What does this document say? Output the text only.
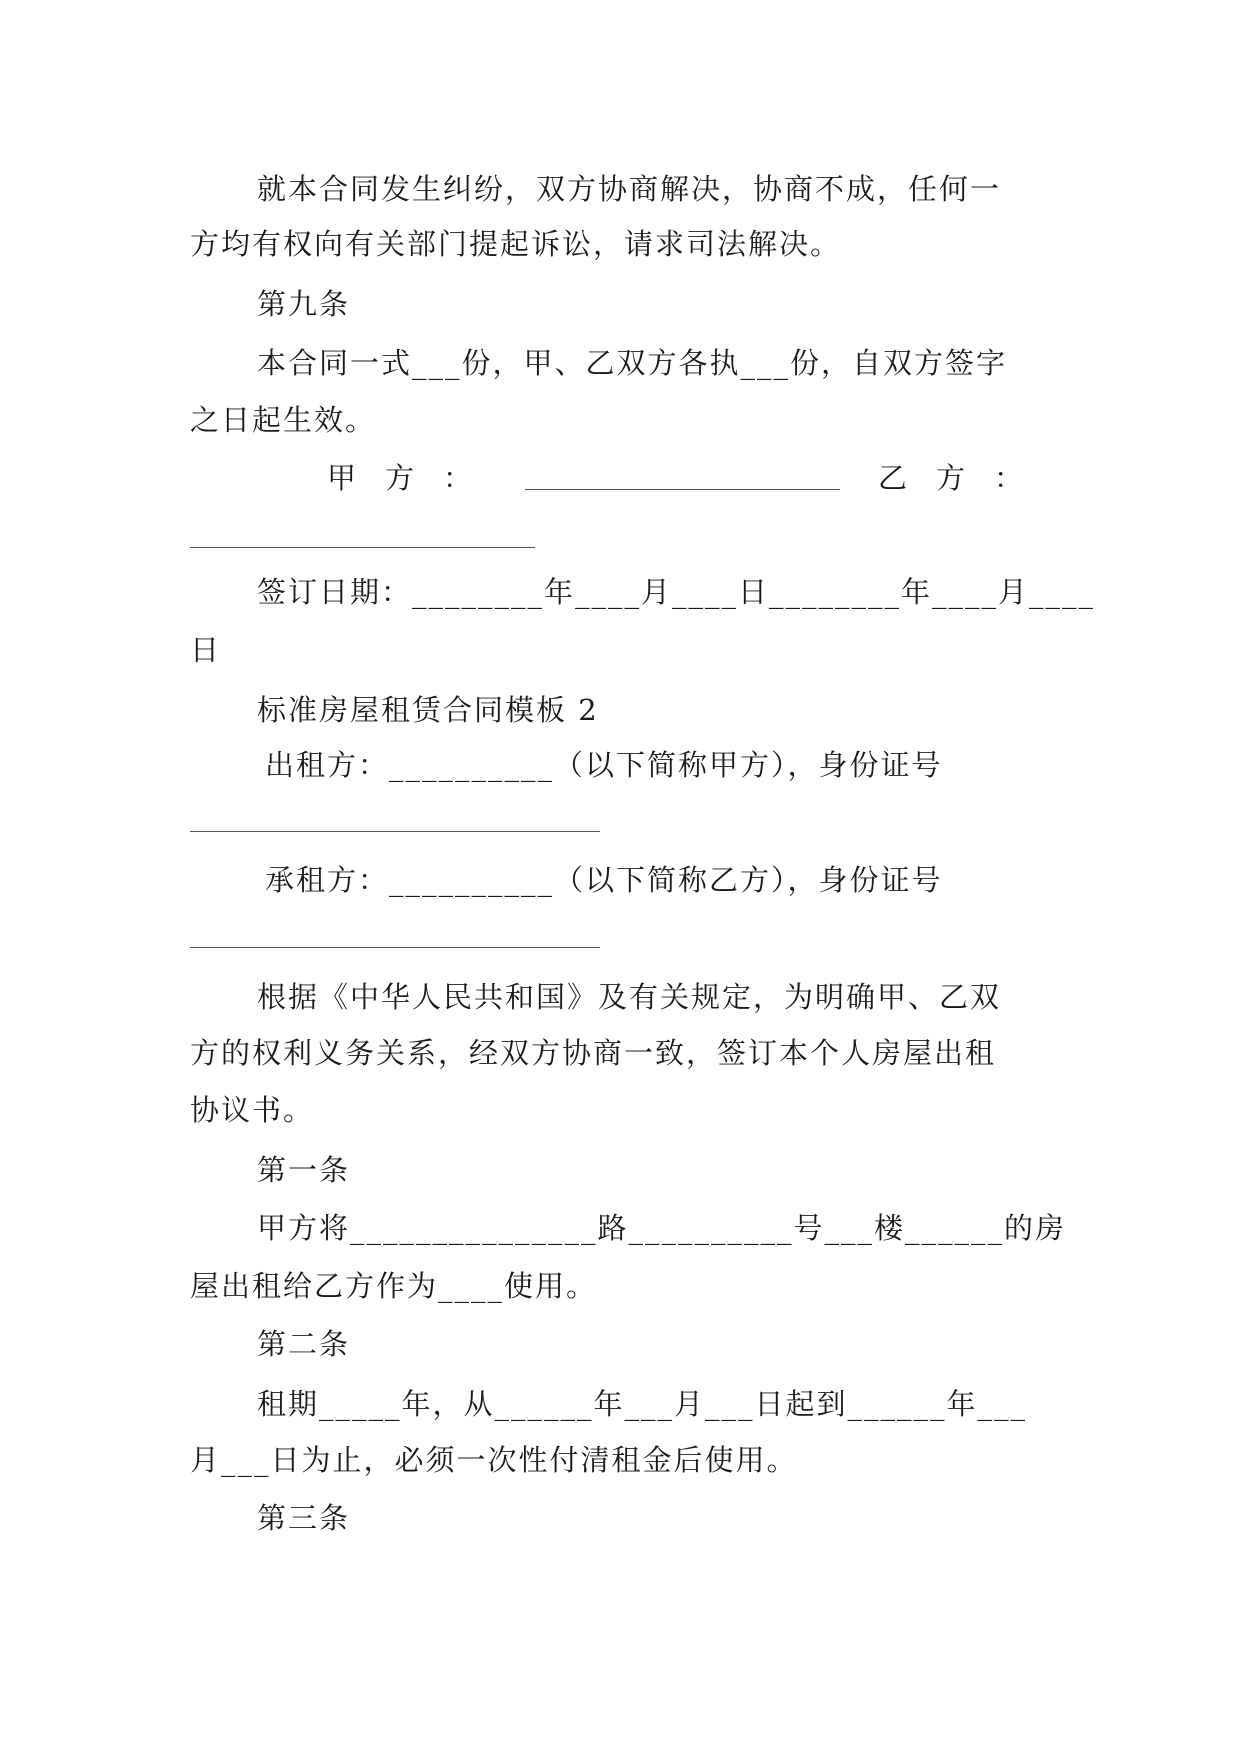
就本合同发生纠纷，双方协商解决，协商不成，任何一
方均有权向有关部门提起诉讼，请求司法解决。
第九条
本合同一式___份，甲、乙双方各执___份，自双方签字
之日起生效。
甲　方　：	乙　方　：
签订日期：________年____月____日________年____月____
日
标准房屋租赁合同模板 2
出租方：__________（以下简称甲方），身份证号
承租方：__________（以下简称乙方），身份证号
根据《中华人民共和国》及有关规定，为明确甲、乙双
方的权利义务关系，经双方协商一致，签订本个人房屋出租
协议书。
第一条
甲方将_______________路__________号___楼______的房
屋出租给乙方作为____使用。
第二条
租期_____年，从______年___月___日起到______年___
月___日为止，必须一次性付清租金后使用。
第三条
